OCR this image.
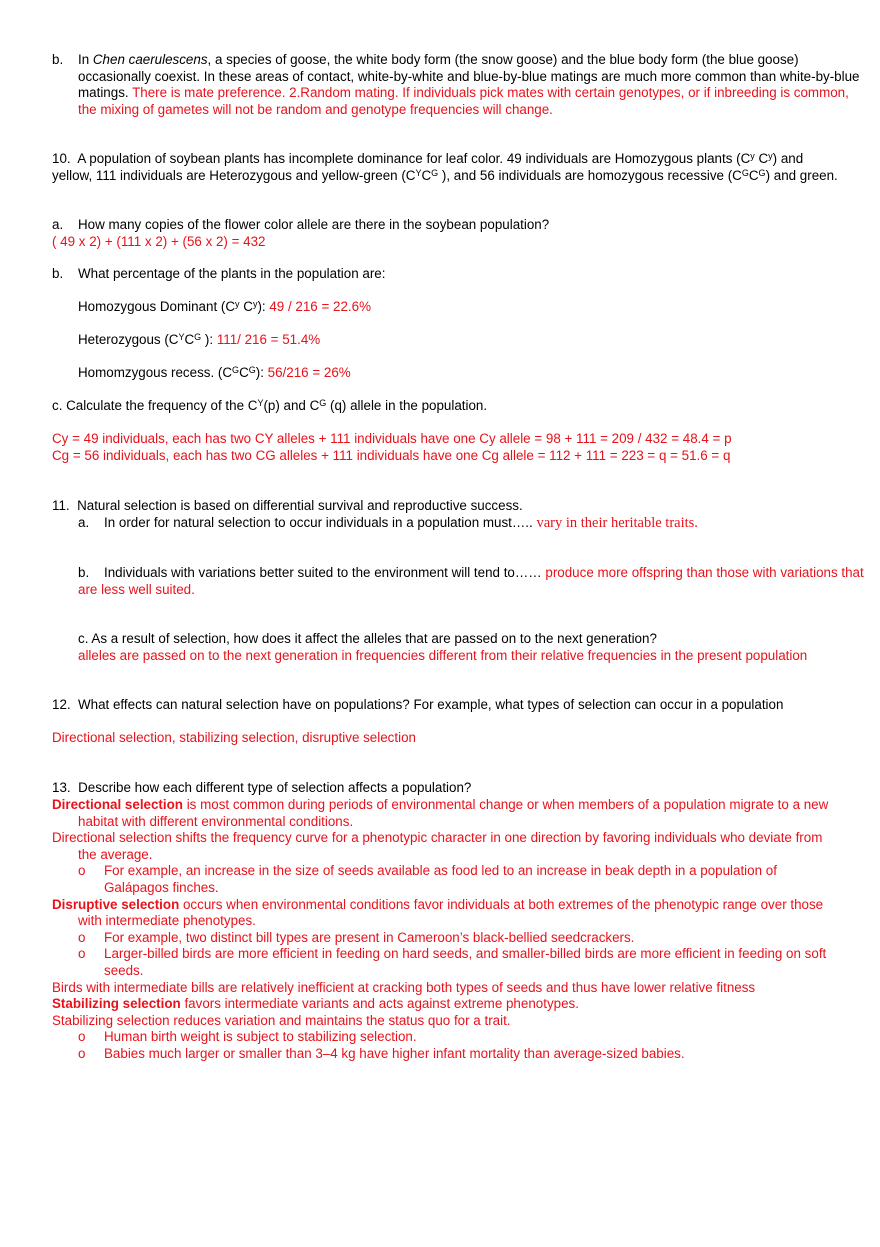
b. In Chen caerulescens, a species of goose, the white body form (the snow goose) and the blue body form (the blue goose) occasionally coexist. In these areas of contact, white-by-white and blue-by-blue matings are much more common than white-by-blue matings. There is mate preference. 2.Random mating. If individuals pick mates with certain genotypes, or if inbreeding is common, the mixing of gametes will not be random and genotype frequencies will change.
10. A population of soybean plants has incomplete dominance for leaf color. 49 individuals are Homozygous plants ($C^y$ $C^y$) and yellow, 111 individuals are Heterozygous and yellow-green ($C^YC^G$ ), and 56 individuals are homozygous recessive $(C^GC^G)$ and green.
a. How many copies of the flower color allele are there in the soybean population?
( 49 x 2) + (111 x 2) + (56 x 2) = 432
b. What percentage of the plants in the population are:
Homozygous Dominant ($C^y$ $C^y$): 49 / 216 = 22.6%
Heterozygous ($C^YC^G$ ): 111/ 216 = 51.4%
Homomzygous recess. $(C^GC^G)$: 56/216 = 26%
c. Calculate the frequency of the $C^Y(p)$ and $C^G$ (q) allele in the population.
Cy = 49 individuals, each has two CY alleles + 111 individuals have one Cy allele = 98 + 111 = 209 / 432 = 48.4 = p
Cg = 56 individuals, each has two CG alleles + 111 individuals have one Cg allele = 112 + 111 = 223 = q = 51.6 = q
11. Natural selection is based on differential survival and reproductive success.
a. In order for natural selection to occur individuals in a population must….. vary in their heritable traits.
b. Individuals with variations better suited to the environment will tend to…… produce more offspring than those with variations that are less well suited.
c. As a result of selection, how does it affect the alleles that are passed on to the next generation?
alleles are passed on to the next generation in frequencies different from their relative frequencies in the present population
12. What effects can natural selection have on populations? For example, what types of selection can occur in a population
Directional selection, stabilizing selection, disruptive selection
13. Describe how each different type of selection affects a population?
Directional selection is most common during periods of environmental change or when members of a population migrate to a new habitat with different environmental conditions.
Directional selection shifts the frequency curve for a phenotypic character in one direction by favoring individuals who deviate from the average.
o For example, an increase in the size of seeds available as food led to an increase in beak depth in a population of Galápagos finches.
Disruptive selection occurs when environmental conditions favor individuals at both extremes of the phenotypic range over those with intermediate phenotypes.
o For example, two distinct bill types are present in Cameroon’s black-bellied seedcrackers.
o Larger-billed birds are more efficient in feeding on hard seeds, and smaller-billed birds are more efficient in feeding on soft seeds.
Birds with intermediate bills are relatively inefficient at cracking both types of seeds and thus have lower relative fitness
Stabilizing selection favors intermediate variants and acts against extreme phenotypes.
Stabilizing selection reduces variation and maintains the status quo for a trait.
o Human birth weight is subject to stabilizing selection.
o Babies much larger or smaller than 3–4 kg have higher infant mortality than average-sized babies.
